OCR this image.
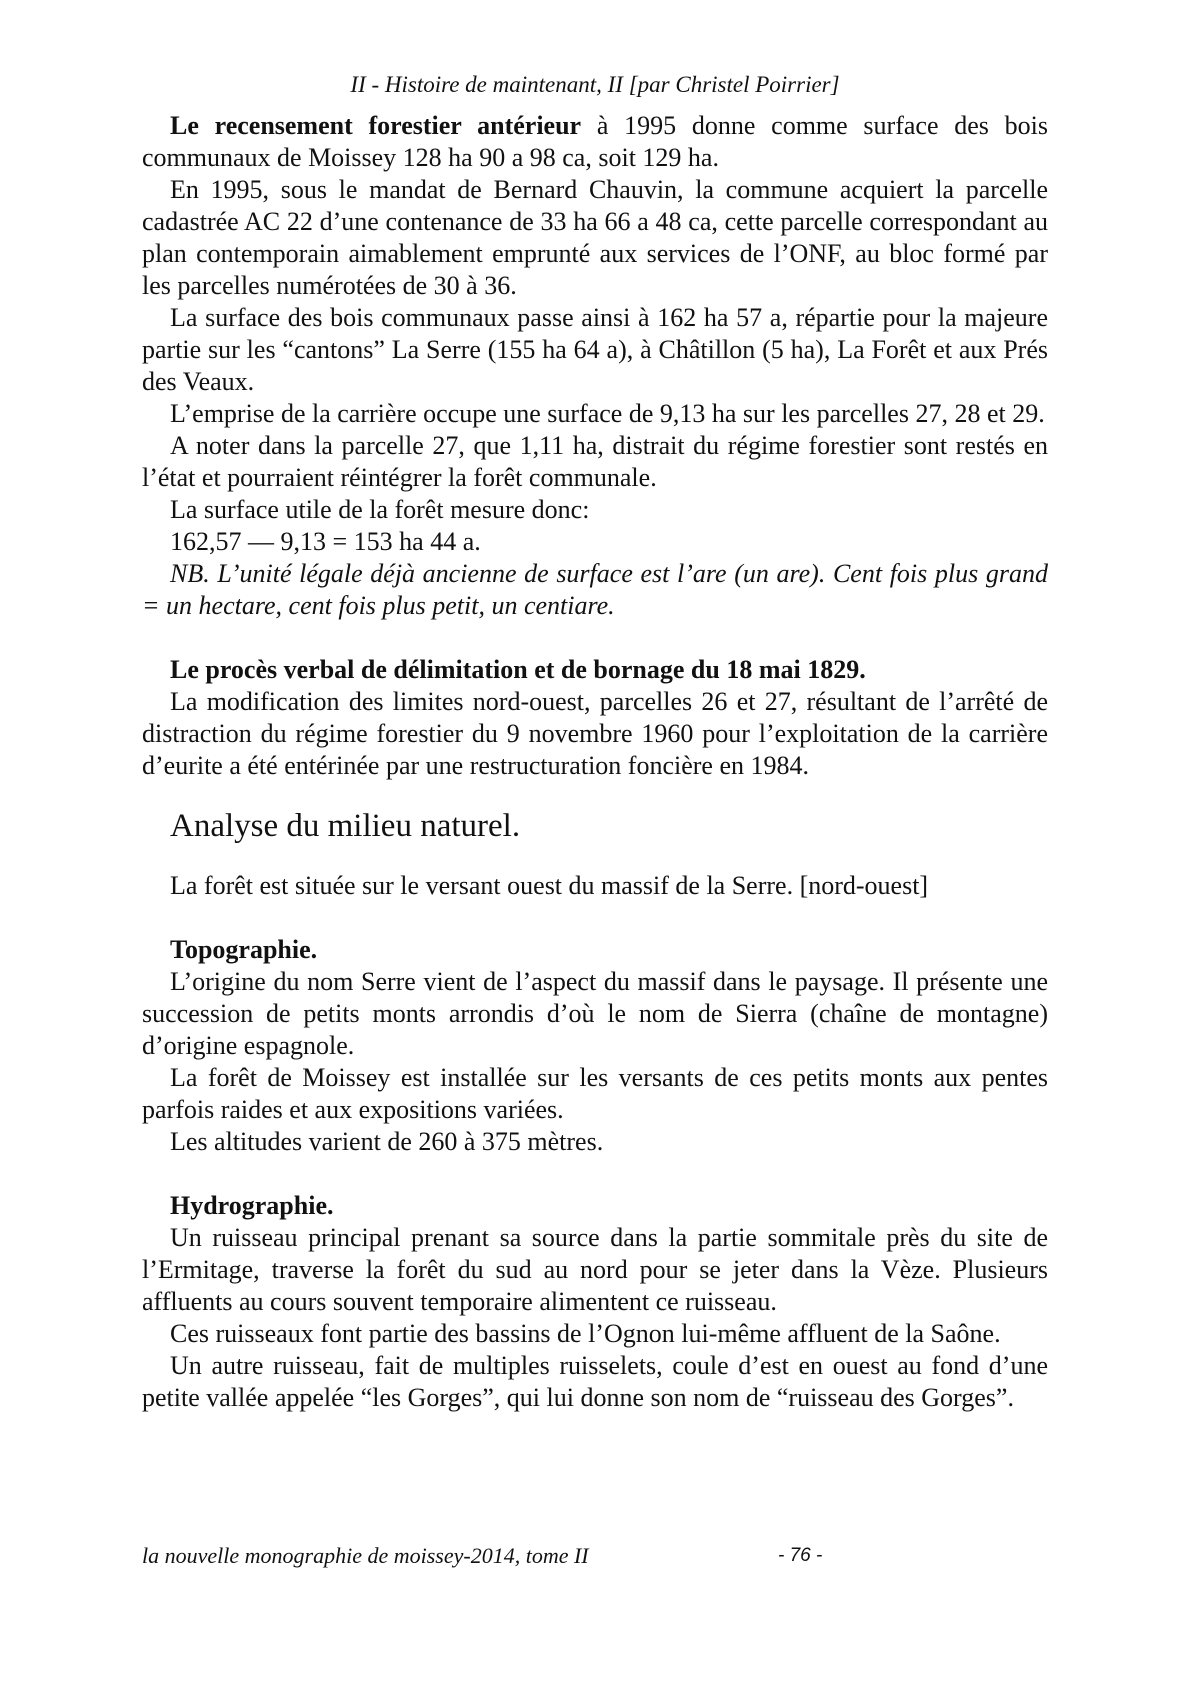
II - Histoire de maintenant, II [par Christel Poirrier]

Le recensement forestier antérieur à 1995 donne comme surface des bois communaux de Moissey 128 ha 90 a 98 ca, soit 129 ha.

En 1995, sous le mandat de Bernard Chauvin, la commune acquiert la parcelle cadastrée AC 22 d’une contenance de 33 ha 66 a 48 ca, cette parcelle correspondant au plan contemporain aimablement emprunté aux services de l’ONF, au bloc formé par les parcelles numérotées de 30 à 36.

La surface des bois communaux passe ainsi à 162 ha 57 a, répartie pour la majeure partie sur les “cantons” La Serre (155 ha 64 a), à Châtillon (5 ha), La Forêt et aux Prés des Veaux.

L’emprise de la carrière occupe une surface de 9,13 ha sur les parcelles 27, 28 et 29.

A noter dans la parcelle 27, que 1,11 ha, distrait du régime forestier sont restés en l’état et pourraient réintégrer la forêt communale.

La surface utile de la forêt mesure donc:

162,57 — 9,13 = 153 ha 44 a.

NB. L’unité légale déjà ancienne de surface est l’are (un are). Cent fois plus grand = un hectare, cent fois plus petit, un centiare.

Le procès verbal de délimitation et de bornage du 18 mai 1829.

La modification des limites nord-ouest, parcelles 26 et 27, résultant de l’arrêté de distraction du régime forestier du 9 novembre 1960 pour l’exploitation de la carrière d’eurite a été entérinée par une restructuration foncière en 1984.

Analyse du milieu naturel.

La forêt est située sur le versant ouest du massif de la Serre. [nord-ouest]

Topographie.

L’origine du nom Serre vient de l’aspect du massif dans le paysage. Il présente une succession de petits monts arrondis d’où le nom de Sierra (chaîne de montagne) d’origine espagnole.

La forêt de Moissey est installée sur les versants de ces petits monts aux pentes parfois raides et aux expositions variées.

Les altitudes varient de 260 à 375 mètres.

Hydrographie.

Un ruisseau principal prenant sa source dans la partie sommitale près du site de l’Ermitage, traverse la forêt du sud au nord pour se jeter dans la Vèze. Plusieurs affluents au cours souvent temporaire alimentent ce ruisseau.

Ces ruisseaux font partie des bassins de l’Ognon lui-même affluent de la Saône.

Un autre ruisseau, fait de multiples ruisselets, coule d’est en ouest au fond d’une petite vallée appelée “les Gorges”, qui lui donne son nom de “ruisseau des Gorges”.

la nouvelle monographie de moissey-2014, tome II	- 76 -
